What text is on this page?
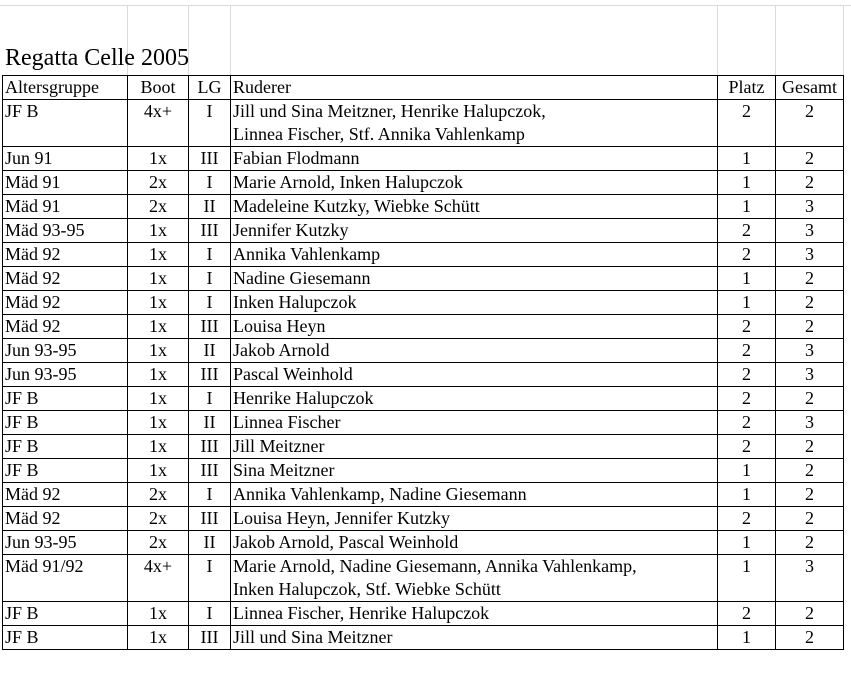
Regatta Celle 2005
Altersgruppe	Boot	LG	Ruderer	Platz	Gesamt
JF B	4x+	I	Jill und Sina Meitzner, Henrike Halupczok,	2	2
			Linnea Fischer, Stf. Annika Vahlenkamp		
Jun 91	1x	III	Fabian Flodmann	1	2
Mäd 91	2x	I	Marie Arnold, Inken Halupczok	1	2
Mäd 91	2x	II	Madeleine Kutzky, Wiebke Schütt	1	3
Mäd 93-95	1x	III	Jennifer Kutzky	2	3
Mäd 92	1x	I	Annika Vahlenkamp	2	3
Mäd 92	1x	I	Nadine Giesemann	1	2
Mäd 92	1x	I	Inken Halupczok	1	2
Mäd 92	1x	III	Louisa Heyn	2	2
Jun 93-95	1x	II	Jakob Arnold	2	3
Jun 93-95	1x	III	Pascal Weinhold	2	3
JF B	1x	I	Henrike Halupczok	2	2
JF B	1x	II	Linnea Fischer	2	3
JF B	1x	III	Jill Meitzner	2	2
JF B	1x	III	Sina Meitzner	1	2
Mäd 92	2x	I	Annika Vahlenkamp, Nadine Giesemann	1	2
Mäd 92	2x	III	Louisa Heyn, Jennifer Kutzky	2	2
Jun 93-95	2x	II	Jakob Arnold, Pascal Weinhold	1	2
Mäd 91/92	4x+	I	Marie Arnold, Nadine Giesemann, Annika Vahlenkamp,	1	3
			Inken Halupczok, Stf. Wiebke Schütt		
JF B	1x	I	Linnea Fischer, Henrike Halupczok	2	2
JF B	1x	III	Jill und Sina Meitzner	1	2
